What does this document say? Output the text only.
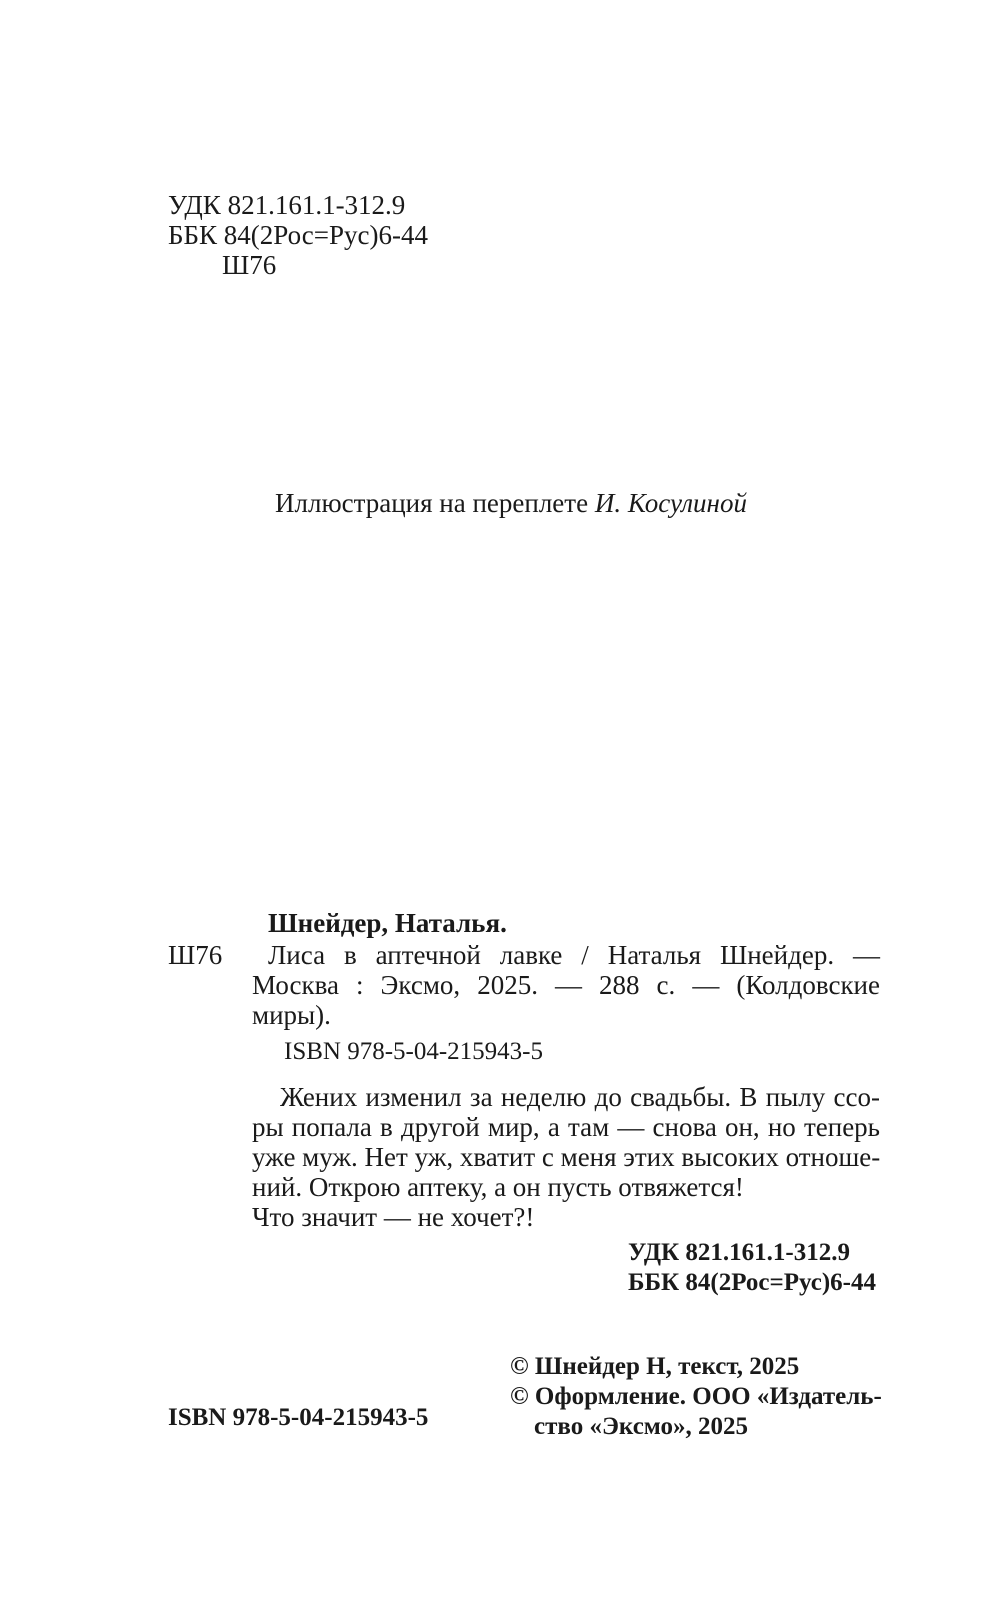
УДК 821.161.1-312.9
ББК 84(2Рос=Рус)6-44
Ш76
Иллюстрация на переплете И. Косулиной
Шнейдер, Наталья.
Ш76 Лиса в аптечной лавке / Наталья Шнейдер. —
Москва : Эксмо, 2025. — 288 с. — (Колдовские
миры).
ISBN 978-5-04-215943-5
Жених изменил за неделю до свадьбы. В пылу ссо-
ры попала в другой мир, а там — снова он, но теперь
уже муж. Нет уж, хватит с меня этих высоких отноше-
ний. Открою аптеку, а он пусть отвяжется!
Что значит — не хочет?!
УДК 821.161.1-312.9
ББК 84(2Рос=Рус)6-44
ISBN 978-5-04-215943-5
© Шнейдер Н, текст, 2025
© Оформление. ООО «Издатель-
ство «Эксмо», 2025
